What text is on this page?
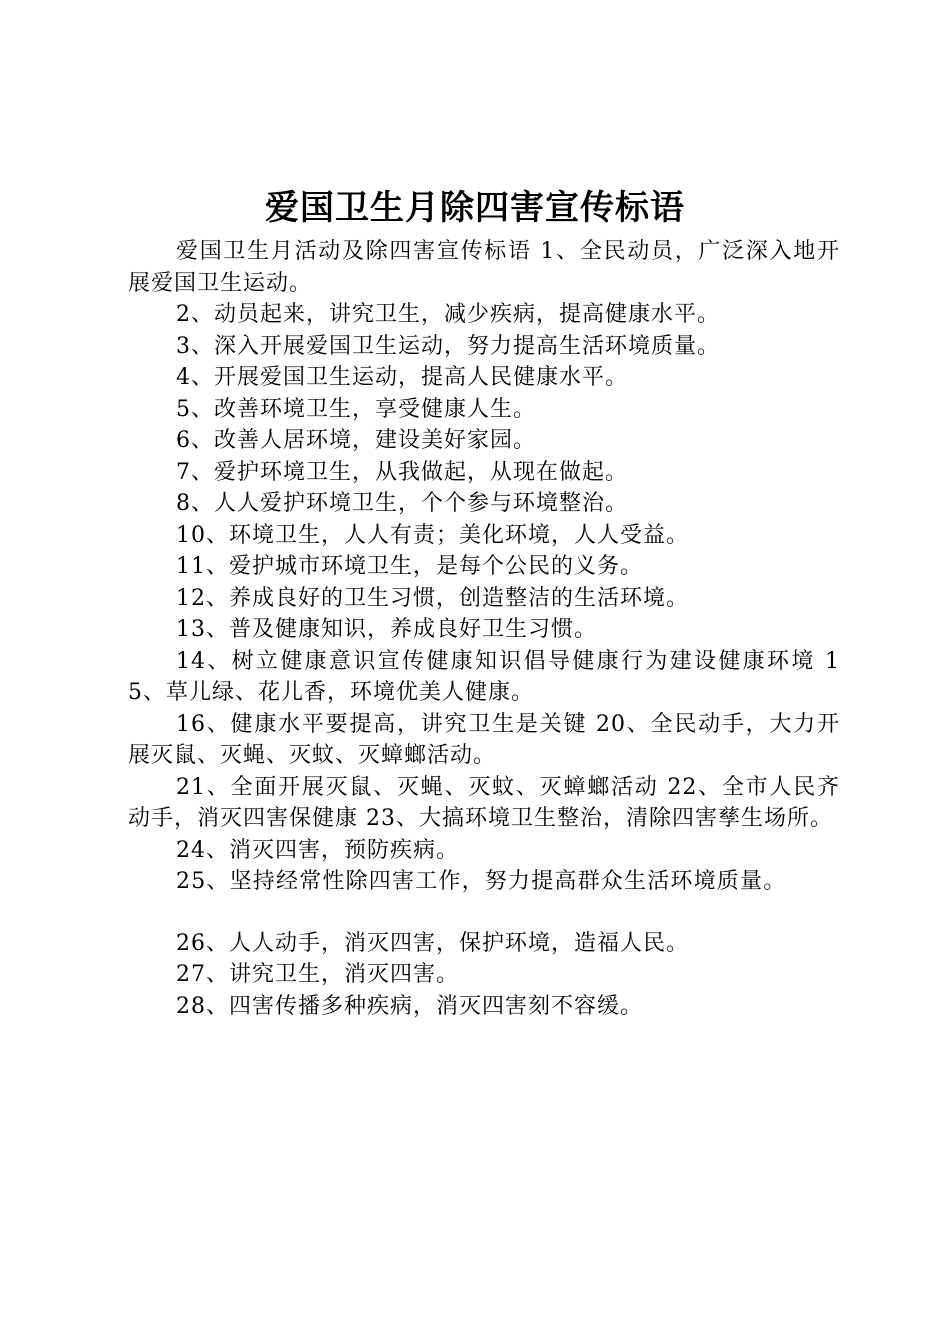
爱国卫生月除四害宣传标语

爱国卫生月活动及除四害宣传标语 1、全民动员，广泛深入地开展爱国卫生运动。

2、动员起来，讲究卫生，减少疾病，提高健康水平。

3、深入开展爱国卫生运动，努力提高生活环境质量。

4、开展爱国卫生运动，提高人民健康水平。

5、改善环境卫生，享受健康人生。

6、改善人居环境，建设美好家园。

7、爱护环境卫生，从我做起，从现在做起。

8、人人爱护环境卫生，个个参与环境整治。

10、环境卫生，人人有责；美化环境，人人受益。

11、爱护城市环境卫生，是每个公民的义务。

12、养成良好的卫生习惯，创造整洁的生活环境。

13、普及健康知识，养成良好卫生习惯。

14、树立健康意识宣传健康知识倡导健康行为建设健康环境 15、草儿绿、花儿香，环境优美人健康。

16、健康水平要提高，讲究卫生是关键 20、全民动手，大力开展灭鼠、灭蝇、灭蚊、灭蟑螂活动。

21、全面开展灭鼠、灭蝇、灭蚊、灭蟑螂活动 22、全市人民齐动手，消灭四害保健康 23、大搞环境卫生整治，清除四害孳生场所。

24、消灭四害，预防疾病。

25、坚持经常性除四害工作，努力提高群众生活环境质量。

26、人人动手，消灭四害，保护环境，造福人民。

27、讲究卫生，消灭四害。

28、四害传播多种疾病，消灭四害刻不容缓。
